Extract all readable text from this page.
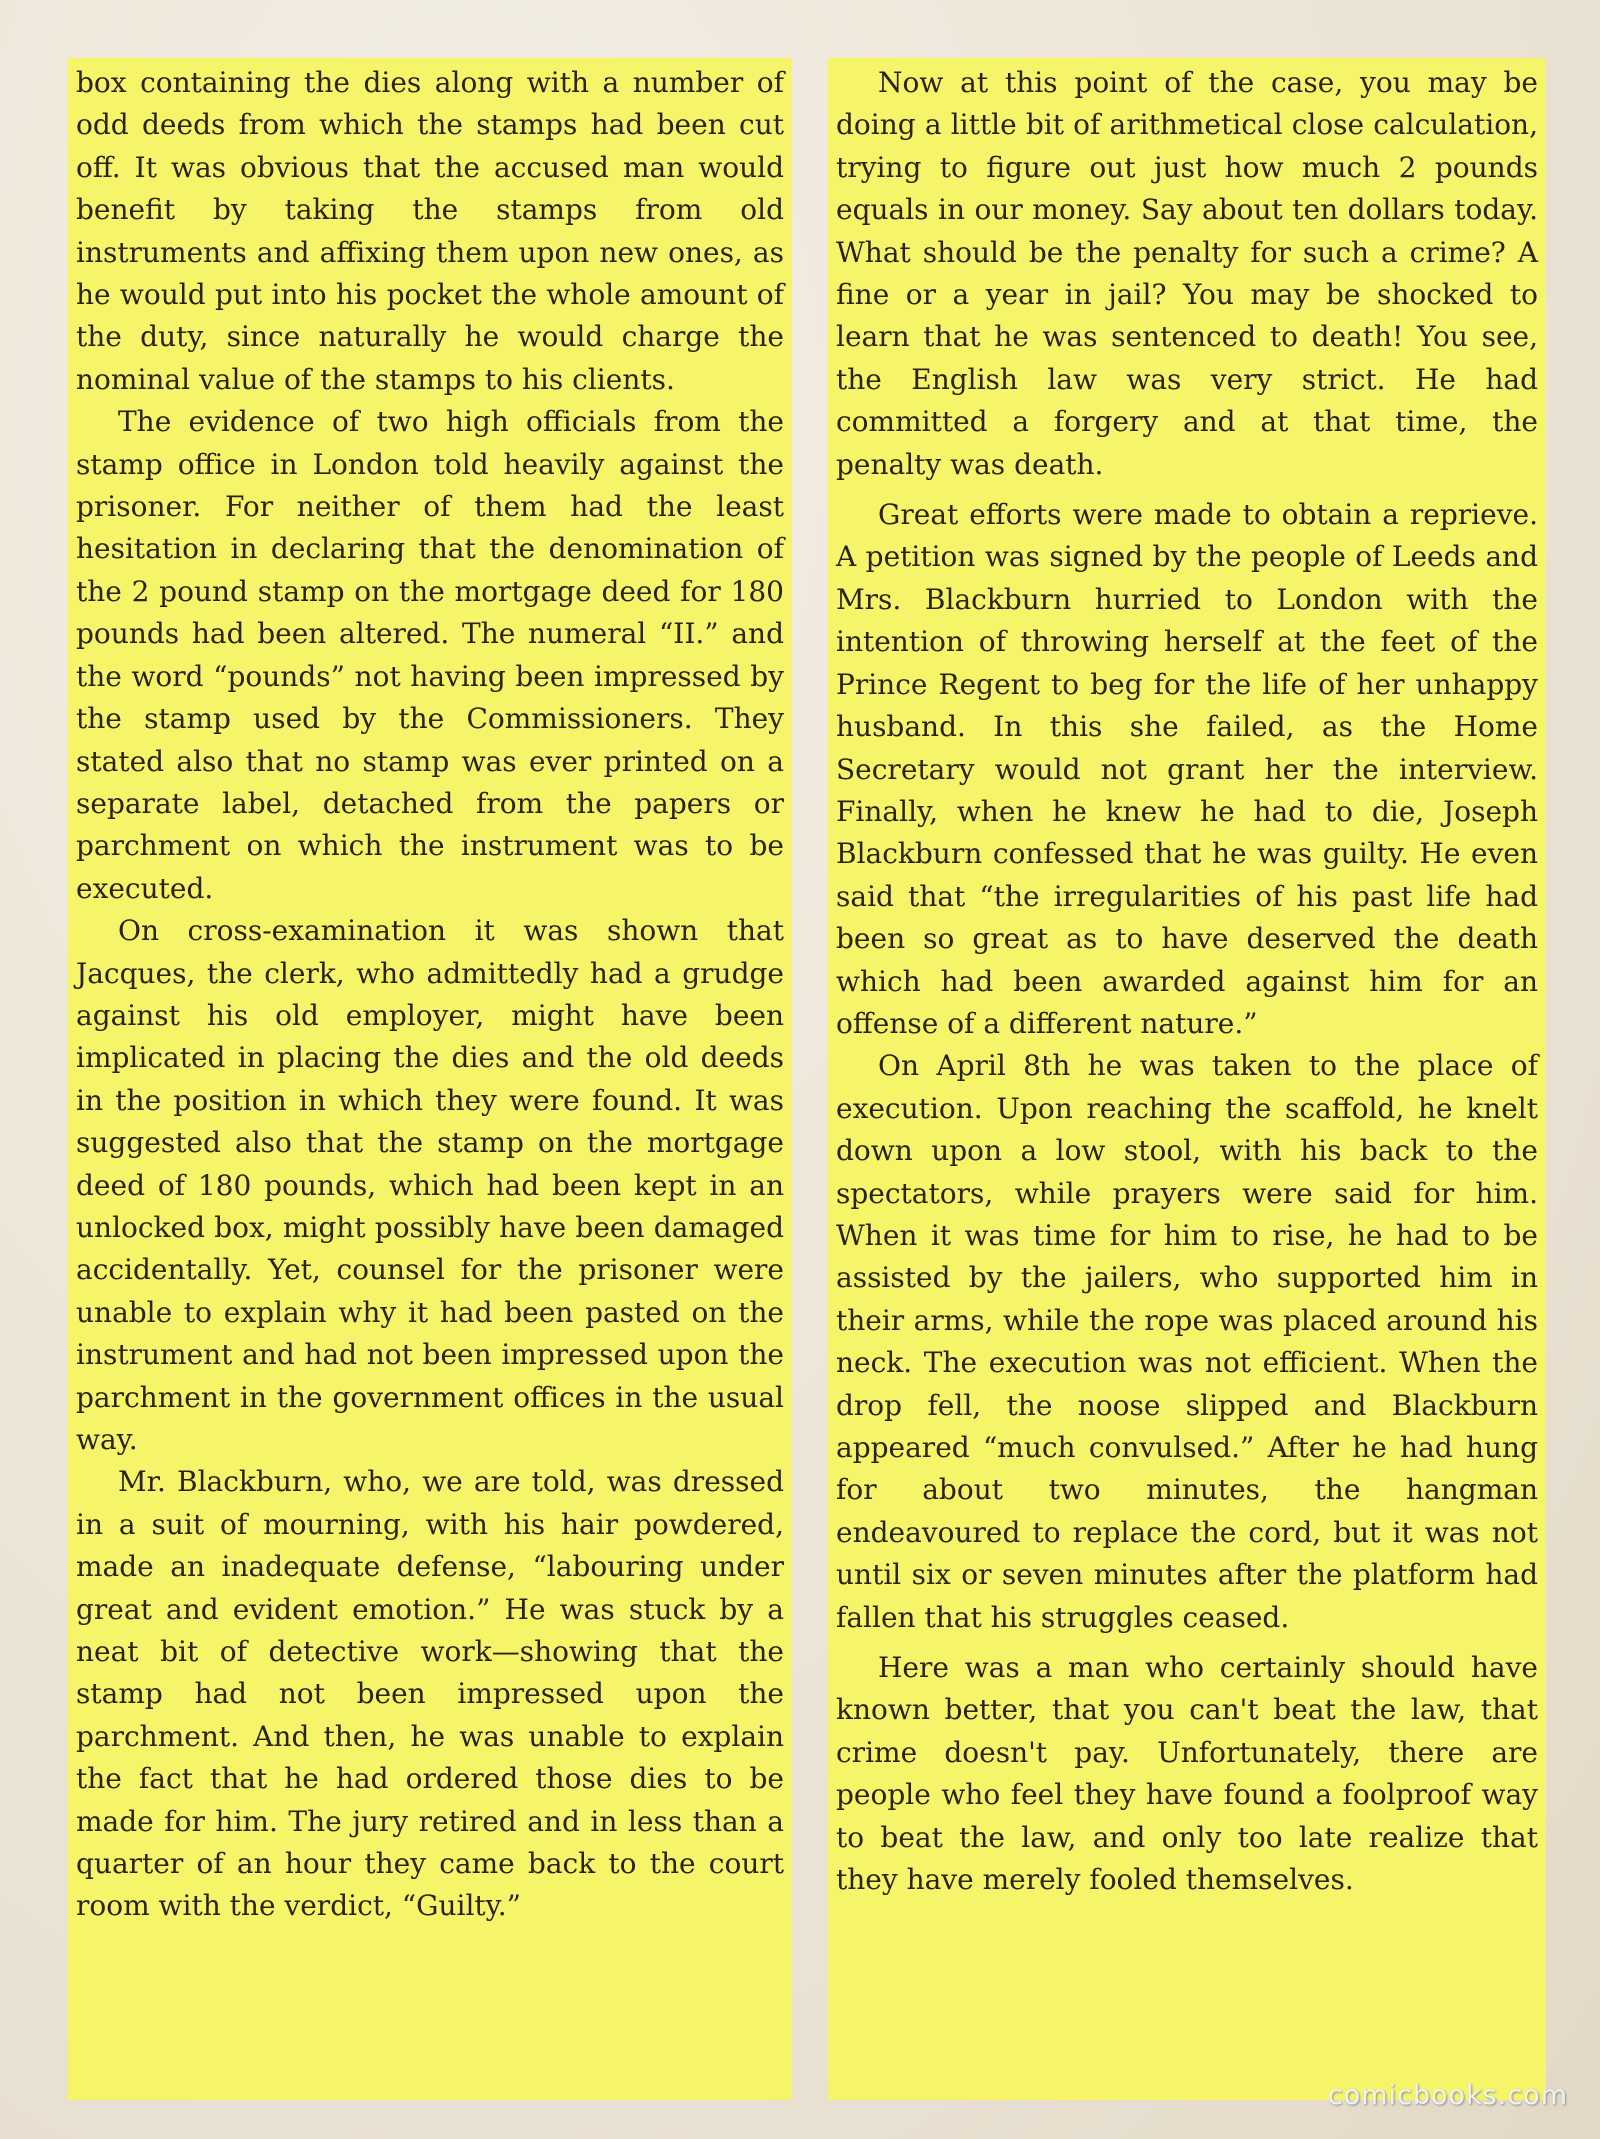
box containing the dies along with a number of odd deeds from which the stamps had been cut off. It was obvious that the accused man would benefit by taking the stamps from old instruments and affixing them upon new ones, as he would put into his pocket the whole amount of the duty, since naturally he would charge the nominal value of the stamps to his clients.

The evidence of two high officials from the stamp office in London told heavily against the prisoner. For neither of them had the least hesitation in declaring that the denomination of the 2 pound stamp on the mortgage deed for 180 pounds had been altered. The numeral “II.” and the word “pounds” not having been impressed by the stamp used by the Commissioners. They stated also that no stamp was ever printed on a separate label, detached from the papers or parchment on which the instrument was to be executed.

On cross-examination it was shown that Jacques, the clerk, who admittedly had a grudge against his old employer, might have been implicated in placing the dies and the old deeds in the position in which they were found. It was suggested also that the stamp on the mortgage deed of 180 pounds, which had been kept in an unlocked box, might possibly have been damaged accidentally. Yet, counsel for the prisoner were unable to explain why it had been pasted on the instrument and had not been impressed upon the parchment in the government offices in the usual way.

Mr. Blackburn, who, we are told, was dressed in a suit of mourning, with his hair powdered, made an inadequate defense, “labouring under great and evident emotion.” He was stuck by a neat bit of detective work—showing that the stamp had not been impressed upon the parchment. And then, he was unable to explain the fact that he had ordered those dies to be made for him. The jury retired and in less than a quarter of an hour they came back to the court room with the verdict, “Guilty.”

Now at this point of the case, you may be doing a little bit of arithmetical close calculation, trying to figure out just how much 2 pounds equals in our money. Say about ten dollars today. What should be the penalty for such a crime? A fine or a year in jail? You may be shocked to learn that he was sentenced to death! You see, the English law was very strict. He had committed a forgery and at that time, the penalty was death.

Great efforts were made to obtain a reprieve. A petition was signed by the people of Leeds and Mrs. Blackburn hurried to London with the intention of throwing herself at the feet of the Prince Regent to beg for the life of her unhappy husband. In this she failed, as the Home Secretary would not grant her the interview. Finally, when he knew he had to die, Joseph Blackburn confessed that he was guilty. He even said that “the irregularities of his past life had been so great as to have deserved the death which had been awarded against him for an offense of a different nature.”

On April 8th he was taken to the place of execution. Upon reaching the scaffold, he knelt down upon a low stool, with his back to the spectators, while prayers were said for him. When it was time for him to rise, he had to be assisted by the jailers, who supported him in their arms, while the rope was placed around his neck. The execution was not efficient. When the drop fell, the noose slipped and Blackburn appeared “much convulsed.” After he had hung for about two minutes, the hangman endeavoured to replace the cord, but it was not until six or seven minutes after the platform had fallen that his struggles ceased.

Here was a man who certainly should have known better, that you can't beat the law, that crime doesn't pay. Unfortunately, there are people who feel they have found a foolproof way to beat the law, and only too late realize that they have merely fooled themselves.

comicbooks.com
